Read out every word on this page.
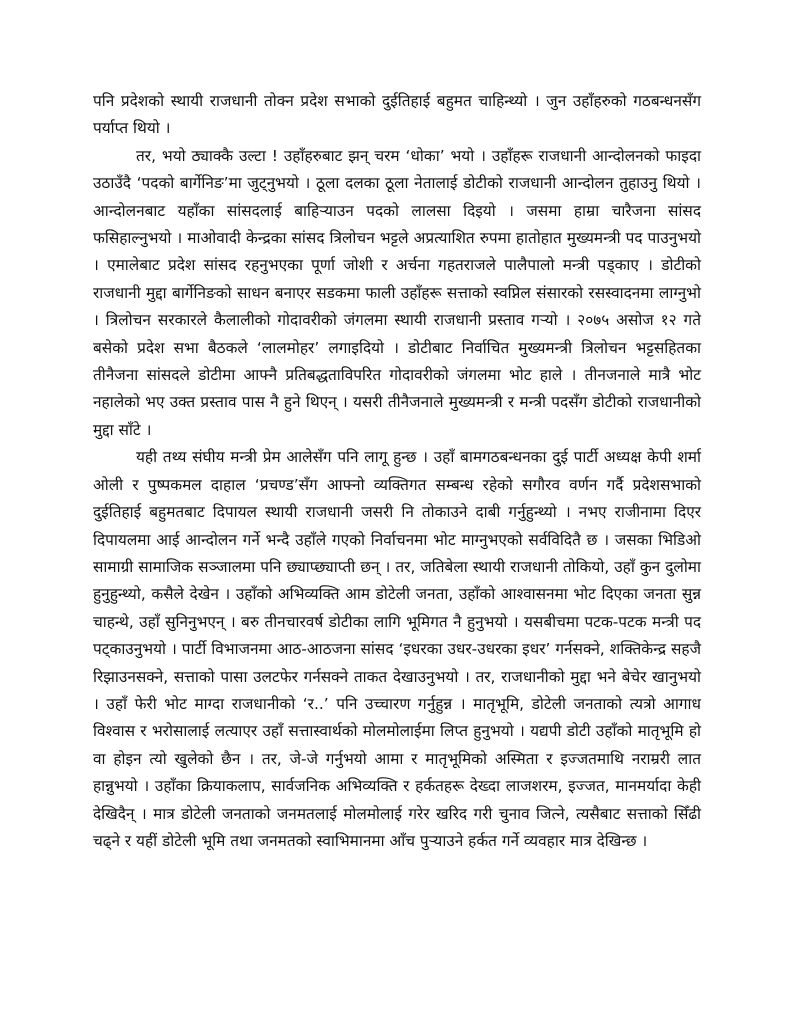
पनि प्रदेशको स्थायी राजधानी तोक्न प्रदेश सभाको दुईतिहाई बहुमत चाहिन्थ्यो । जुन उहाँहरुको गठबन्धनसँग पर्याप्त थियो ।

तर, भयो ठ्याक्कै उल्टा ! उहाँहरुबाट झन् चरम ‘धोका’ भयो । उहाँहरू राजधानी आन्दोलनको फाइदा उठाउँदै ‘पदको बार्गेनिङ’मा जुट्नुभयो । ठूला दलका ठूला नेतालाई डोटीको राजधानी आन्दोलन तुहाउनु थियो । आन्दोलनबाट यहाँका सांसदलाई बाहिऱ्याउन पदको लालसा दिइयो । जसमा हाम्रा चारैजना सांसद फसिहाल्नुभयो । माओवादी केन्द्रका सांसद त्रिलोचन भट्टले अप्रत्याशित रुपमा हातोहात मुख्यमन्त्री पद पाउनुभयो । एमालेबाट प्रदेश सांसद रहनुभएका पूर्णा जोशी र अर्चना गहतराजले पालैपालो मन्त्री पड्काए । डोटीको राजधानी मुद्दा बार्गेनिङको साधन बनाएर सडकमा फाली उहाँहरू सत्ताको स्वप्निल संसारको रसस्वादनमा लाग्नुभो । त्रिलोचन सरकारले कैलालीको गोदावरीको जंगलमा स्थायी राजधानी प्रस्ताव गऱ्यो । २०७५ असोज १२ गते बसेको प्रदेश सभा बैठकले ‘लालमोहर’ लगाइदियो । डोटीबाट निर्वाचित मुख्यमन्त्री त्रिलोचन भट्टसहितका तीनैजना सांसदले डोटीमा आफ्नै प्रतिबद्धताविपरित गोदावरीको जंगलमा भोट हाले । तीनजनाले मात्रै भोट नहालेको भए उक्त प्रस्ताव पास नै हुने थिएन् । यसरी तीनैजनाले मुख्यमन्त्री र मन्त्री पदसँग डोटीको राजधानीको मुद्दा साँटे ।

यही तथ्य संघीय मन्त्री प्रेम आलेसँग पनि लागू हुन्छ । उहाँ बामगठबन्धनका दुई पार्टी अध्यक्ष केपी शर्मा ओली र पुष्पकमल दाहाल ‘प्रचण्ड’सँग आफ्नो व्यक्तिगत सम्बन्ध रहेको सगौरव वर्णन गर्दै प्रदेशसभाको दुईतिहाई बहुमतबाट दिपायल स्थायी राजधानी जसरी नि तोकाउने दाबी गर्नुहुन्थ्यो । नभए राजीनामा दिएर दिपायलमा आई आन्दोलन गर्ने भन्दै उहाँले गएको निर्वाचनमा भोट माग्नुभएको सर्वविदितै छ । जसका भिडिओ सामाग्री सामाजिक सञ्जालमा पनि छ्याप्छ्याप्ती छन् । तर, जतिबेला स्थायी राजधानी तोकियो, उहाँ कुन दुलोमा हुनुहुन्थ्यो, कसैले देखेन । उहाँको अभिव्यक्ति आम डोटेली जनता, उहाँको आश्वासनमा भोट दिएका जनता सुन्न चाहन्थे, उहाँ सुनिनुभएन् । बरु तीनचारवर्ष डोटीका लागि भूमिगत नै हुनुभयो । यसबीचमा पटक-पटक मन्त्री पद पट्काउनुभयो । पार्टी विभाजनमा आठ-आठजना सांसद ‘इधरका उधर-उधरका इधर’ गर्नसक्ने, शक्तिकेन्द्र सहजै रिझाउनसक्ने, सत्ताको पासा उलटफेर गर्नसक्ने ताकत देखाउनुभयो । तर, राजधानीको मुद्दा भने बेचेर खानुभयो । उहाँ फेरी भोट माग्दा राजधानीको ‘र..’ पनि उच्चारण गर्नुहुन्न । मातृभूमि, डोटेली जनताको त्यत्रो आगाध विश्वास र भरोसालाई लत्याएर उहाँ सत्तास्वार्थको मोलमोलाईमा लिप्त हुनुभयो । यद्यपी डोटी उहाँको मातृभूमि हो वा होइन त्यो खुलेको छैन । तर, जे-जे गर्नुभयो आमा र मातृभूमिको अस्मिता र इज्जतमाथि नराम्ररी लात हान्नुभयो । उहाँका क्रियाकलाप, सार्वजनिक अभिव्यक्ति र हर्कतहरू देख्दा लाजशरम, इज्जत, मानमर्यादा केही देखिदैन् । मात्र डोटेली जनताको जनमतलाई मोलमोलाई गरेर खरिद गरी चुनाव जित्ने, त्यसैबाट सत्ताको सिँढी चढ्ने र यहीं डोटेली भूमि तथा जनमतको स्वाभिमानमा आँच पुऱ्याउने हर्कत गर्ने व्यवहार मात्र देखिन्छ ।
